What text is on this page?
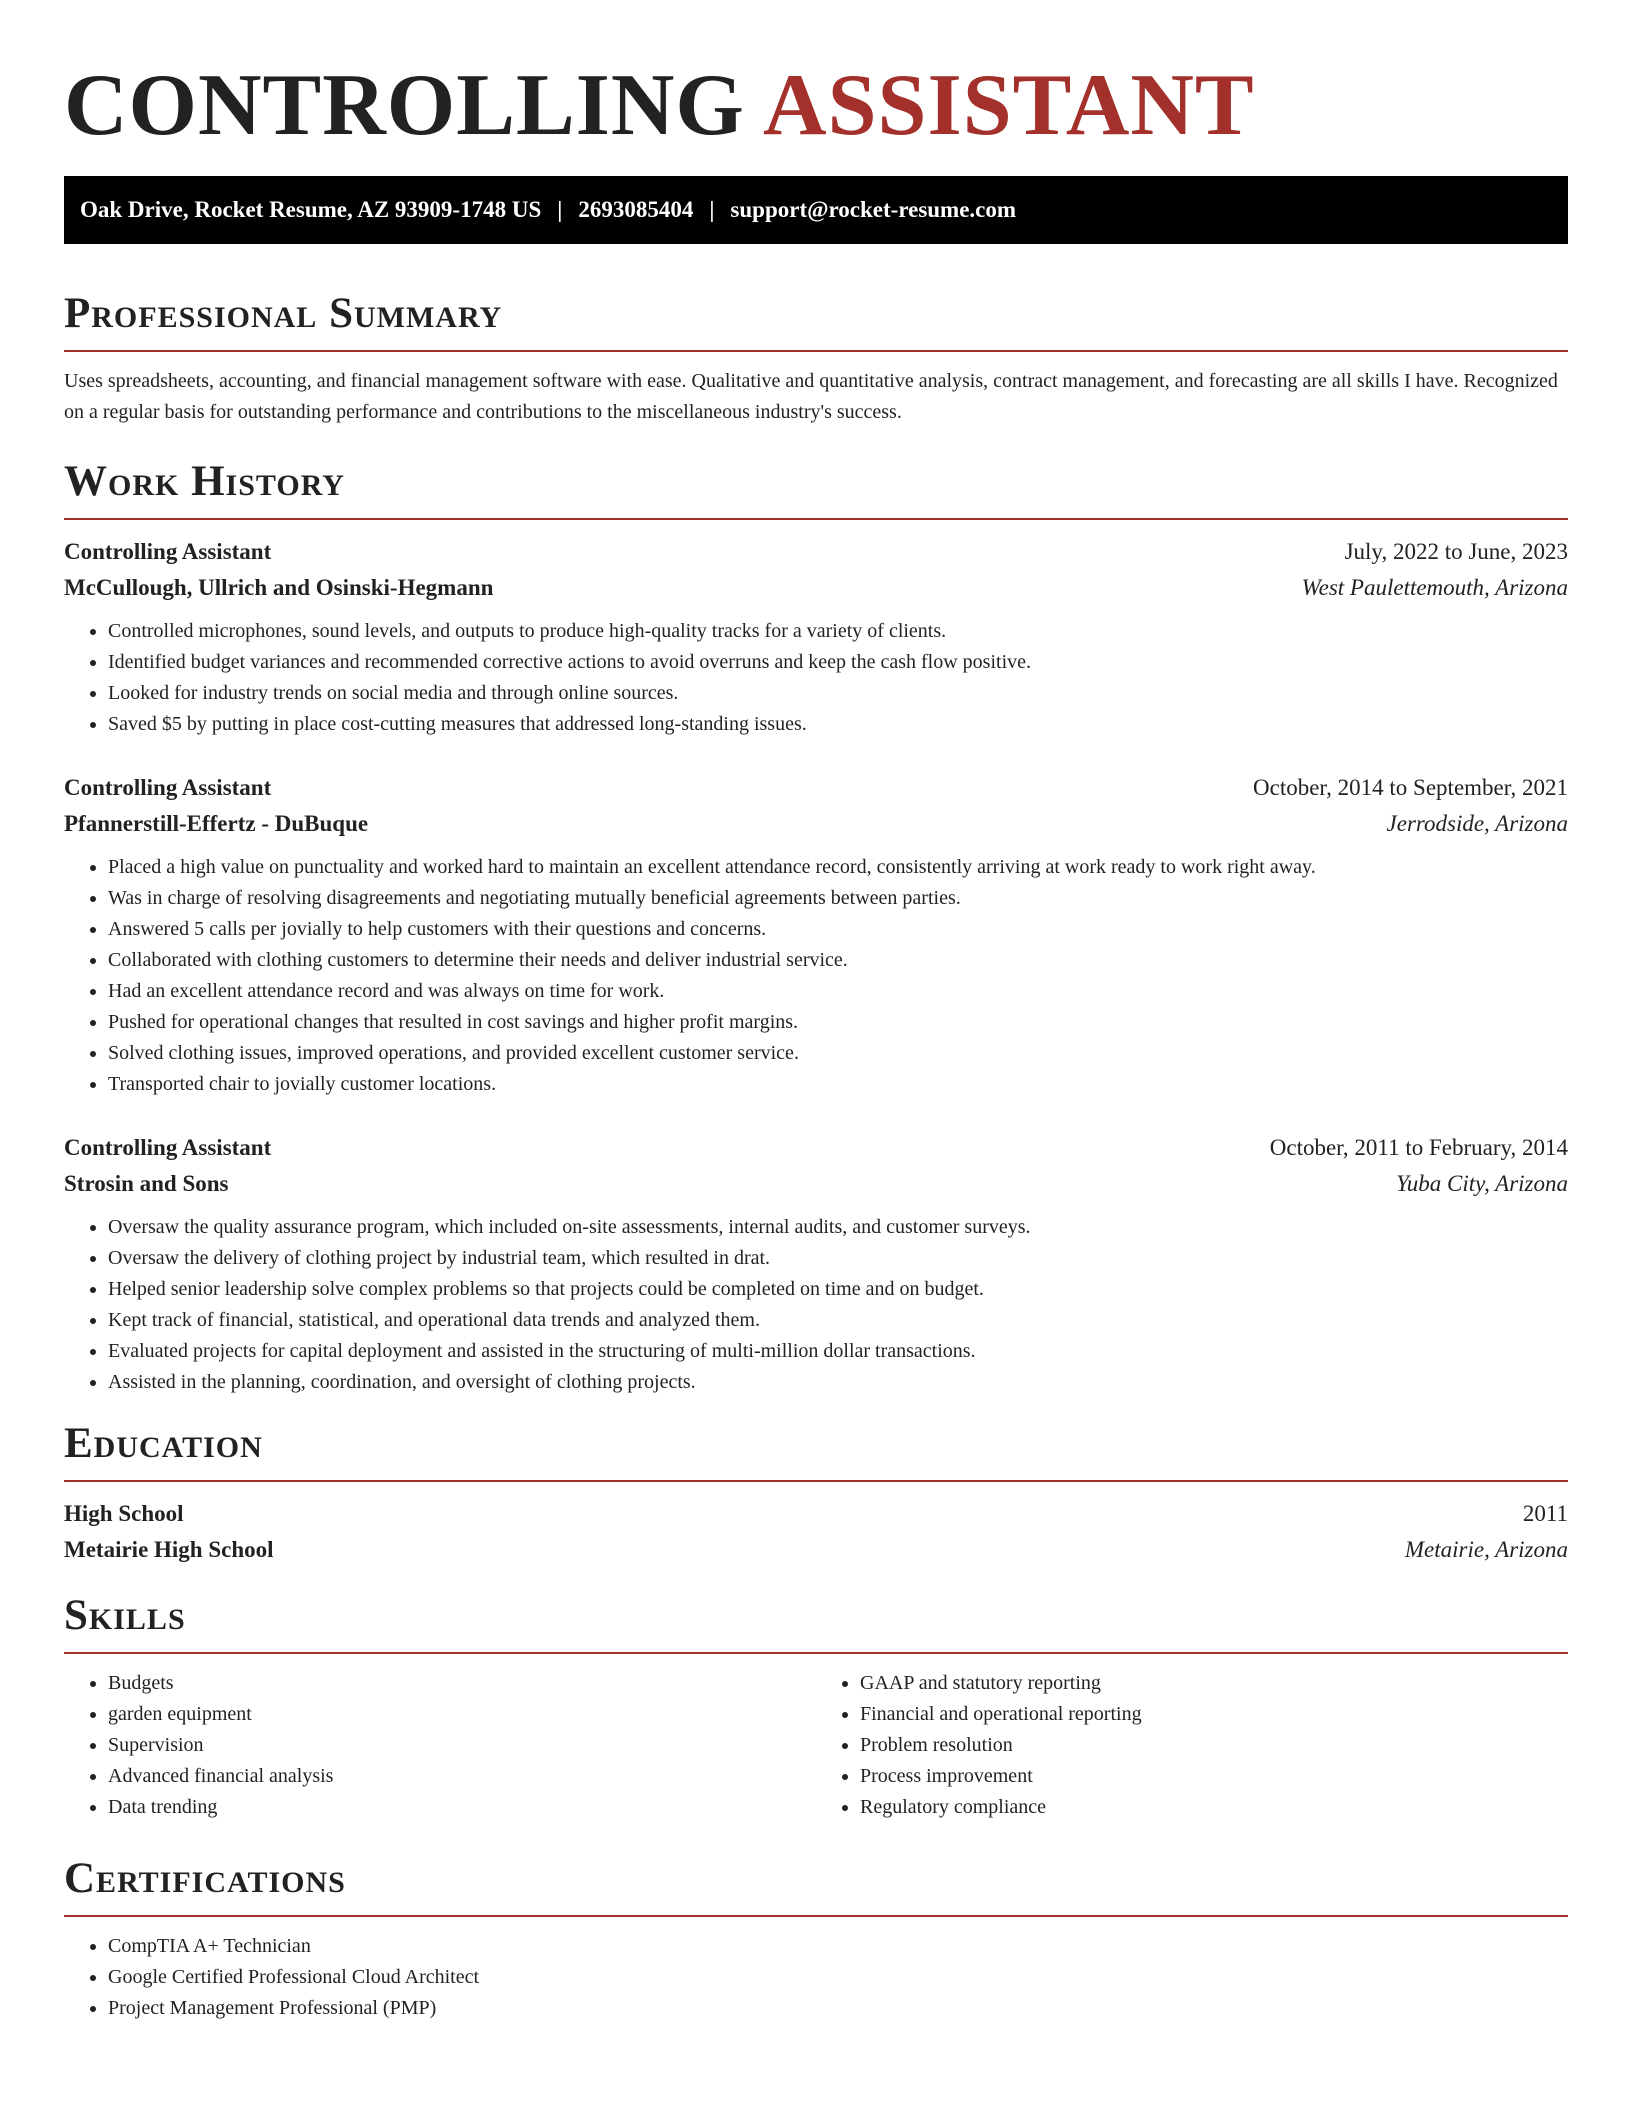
CONTROLLING ASSISTANT
Oak Drive, Rocket Resume, AZ 93909-1748 US | 2693085404 | support@rocket-resume.com
Professional Summary

Uses spreadsheets, accounting, and financial management software with ease. Qualitative and quantitative analysis, contract management, and forecasting are all skills I have. Recognized on a regular basis for outstanding performance and contributions to the miscellaneous industry's success.

Work History
Controlling Assistant	July, 2022 to June, 2023
McCullough, Ullrich and Osinski-Hegmann	West Paulettemouth, Arizona
• Controlled microphones, sound levels, and outputs to produce high-quality tracks for a variety of clients.
• Identified budget variances and recommended corrective actions to avoid overruns and keep the cash flow positive.
• Looked for industry trends on social media and through online sources.
• Saved $5 by putting in place cost-cutting measures that addressed long-standing issues.
Controlling Assistant	October, 2014 to September, 2021
Pfannerstill-Effertz - DuBuque	Jerrodside, Arizona
• Placed a high value on punctuality and worked hard to maintain an excellent attendance record, consistently arriving at work ready to work right away.
• Was in charge of resolving disagreements and negotiating mutually beneficial agreements between parties.
• Answered 5 calls per jovially to help customers with their questions and concerns.
• Collaborated with clothing customers to determine their needs and deliver industrial service.
• Had an excellent attendance record and was always on time for work.
• Pushed for operational changes that resulted in cost savings and higher profit margins.
• Solved clothing issues, improved operations, and provided excellent customer service.
• Transported chair to jovially customer locations.
Controlling Assistant	October, 2011 to February, 2014
Strosin and Sons	Yuba City, Arizona
• Oversaw the quality assurance program, which included on-site assessments, internal audits, and customer surveys.
• Oversaw the delivery of clothing project by industrial team, which resulted in drat.
• Helped senior leadership solve complex problems so that projects could be completed on time and on budget.
• Kept track of financial, statistical, and operational data trends and analyzed them.
• Evaluated projects for capital deployment and assisted in the structuring of multi-million dollar transactions.
• Assisted in the planning, coordination, and oversight of clothing projects.
Education
High School	2011
Metairie High School	Metairie, Arizona
Skills
• Budgets
• garden equipment
• Supervision
• Advanced financial analysis
• Data trending
• GAAP and statutory reporting
• Financial and operational reporting
• Problem resolution
• Process improvement
• Regulatory compliance
Certifications
• CompTIA A+ Technician
• Google Certified Professional Cloud Architect
• Project Management Professional (PMP)
